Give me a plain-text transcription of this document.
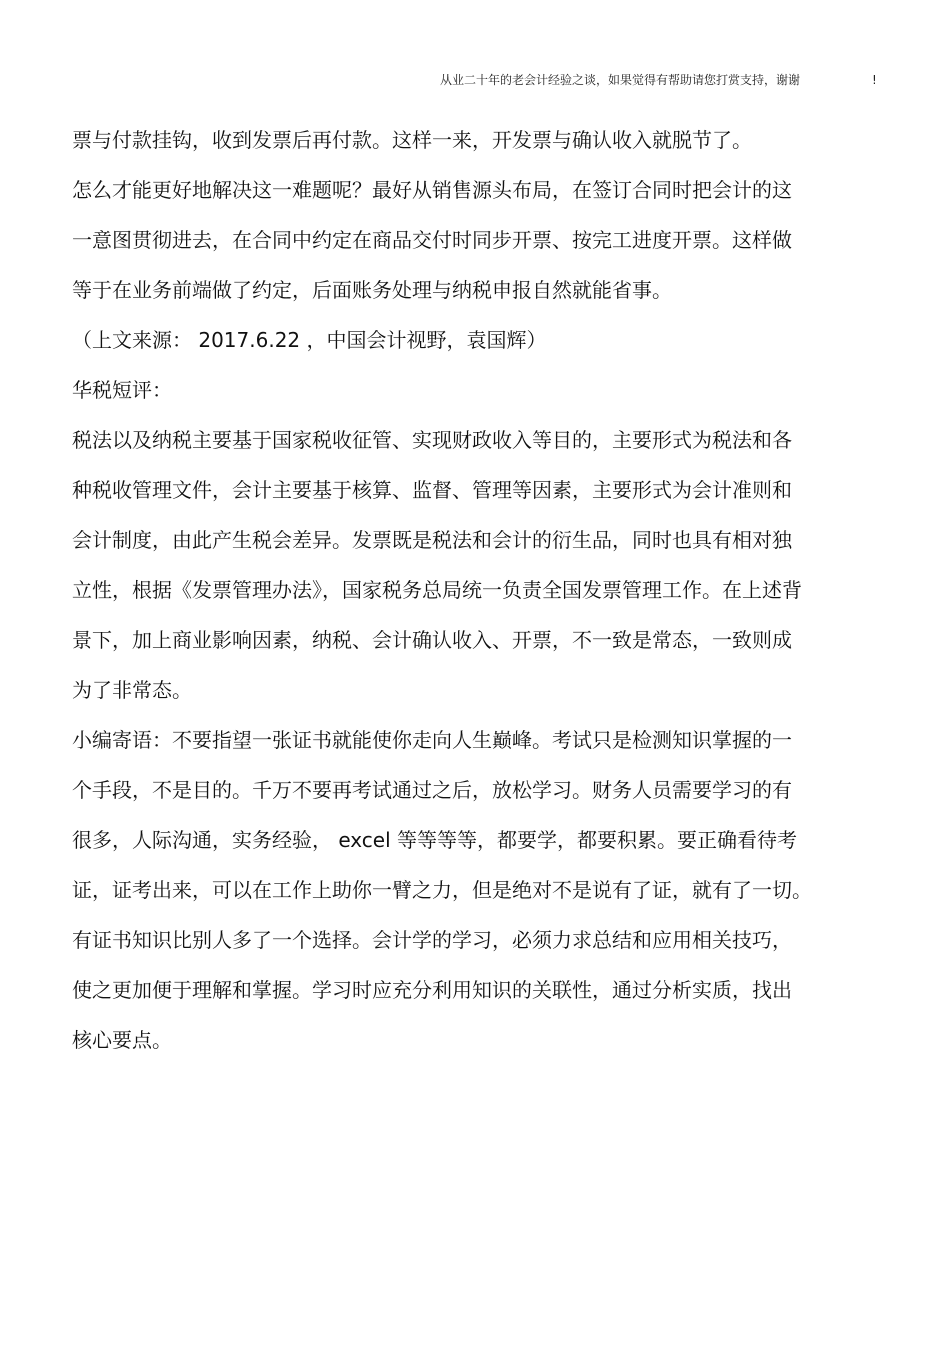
从业二十年的老会计经验之谈，如果觉得有帮助请您打赏支持，谢谢	!
票与付款挂钩，收到发票后再付款。这样一来，开发票与确认收入就脱节了。
怎么才能更好地解决这一难题呢？最好从销售源头布局，在签订合同时把会计的这
一意图贯彻进去，在合同中约定在商品交付时同步开票、按完工进度开票。这样做
等于在业务前端做了约定，后面账务处理与纳税申报自然就能省事。
（上文来源： 2017.6.22 ，中国会计视野，袁国辉）
华税短评：
税法以及纳税主要基于国家税收征管、实现财政收入等目的，主要形式为税法和各
种税收管理文件，会计主要基于核算、监督、管理等因素，主要形式为会计准则和
会计制度，由此产生税会差异。发票既是税法和会计的衍生品，同时也具有相对独
立性，根据《发票管理办法》，国家税务总局统一负责全国发票管理工作。在上述背
景下，加上商业影响因素，纳税、会计确认收入、开票，不一致是常态，一致则成
为了非常态。
小编寄语：不要指望一张证书就能使你走向人生巅峰。考试只是检测知识掌握的一
个手段，不是目的。千万不要再考试通过之后，放松学习。财务人员需要学习的有
很多，人际沟通，实务经验， excel 等等等等，都要学，都要积累。要正确看待考
证，证考出来，可以在工作上助你一臂之力，但是绝对不是说有了证，就有了一切。
有证书知识比别人多了一个选择。会计学的学习，必须力求总结和应用相关技巧，
使之更加便于理解和掌握。学习时应充分利用知识的关联性，通过分析实质，找出
核心要点。
